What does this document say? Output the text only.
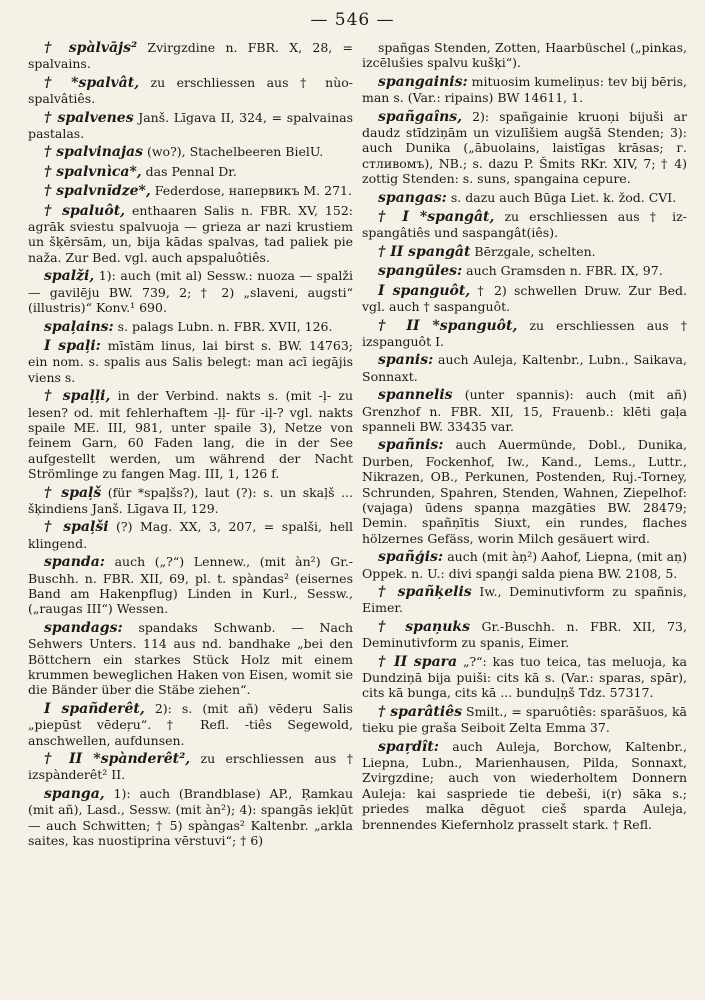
— 546 —

† spàlvājs² Zvirgzdine n. FBR. X, 28, = spalvains.

† *spalvât, zu erschliessen aus † nùo-spalvâtiês.

† spalvenes Janš. Līgava II, 324, = spalvainas pastalas.

† spalvinajas (wo?), Stachelbeeren BielU.

† spalvnìca*, das Pennal Dr.

† spalvnīdze*, Federdose, напервикъ M. 271.

† spaluôt, enthaaren Salis n. FBR. XV, 152: agrāk sviestu spalvuoja — grieza ar nazi krustiem un šķērsām, un, bija kādas spalvas, tad paliek pie naža. Zur Bed. vgl. auch apspaluôtiês.

spalži, 1): auch (mit al) Sessw.: nuoza — spalži — gavilēju BW. 739, 2; † 2) „slaveni, augsti“ (illustris)“ Konv.¹ 690.

spaļains: s. palags Lubn. n. FBR. XVII, 126.

I spaļi: mīstām linus, lai birst s. BW. 14763; ein nom. s. spalis aus Salis belegt: man acī iegājis viens s.

† spaļļi, in der Verbind. nakts s. (mit -ļ- zu lesen? od. mit fehlerhaftem -ļļ- für -iļ-? vgl. nakts spaile ME. III, 981, unter spaile 3), Netze von feinem Garn, 60 Faden lang, die in der See aufgestellt werden, um während der Nacht Strömlinge zu fangen Mag. III, 1, 126 f.

† spaļš (für *spaļšs?), laut (?): s. un skaļš ... šķindiens Janš. Līgava II, 129.

† spaļši (?) Mag. XX, 3, 207, = spalši, hell klingend.

spanda: auch („?“) Lennew., (mit àn²) Gr.-Buschh. n. FBR. XII, 69, pl. t. spàndas² (eisernes Band am Hakenpflug) Linden in Kurl., Sessw., („raugas III“) Wessen.

spandags: spandaks Schwanb. — Nach Sehwers Unters. 114 aus nd. bandhake „bei den Böttchern ein starkes Stück Holz mit einem krummen beweglichen Haken von Eisen, womit sie die Bänder über die Stäbe ziehen“.

I spañderêt, 2): s. (mit añ) vēdeŗu Salis „piepūst vēdeŗu“. † Refl. -tiês Segewold, anschwellen, aufdunsen.

† II *spànderêt², zu erschliessen aus † izspànderêt² II.

spanga, 1): auch (Brandblase) AP., Ŗamkau (mit añ), Lasd., Sessw. (mit àn²); 4): spangās iekļūt — auch Schwitten; † 5) spàngas² Kaltenbr. „arkla saites, kas nuostiprina vērstuvi“; † 6)

spañgas Stenden, Zotten, Haarbüschel („pinkas, izcēlušies spalvu kušķi“).

spangainis: mituosim kumeliņus: tev bij bēris, man s. (Var.: ripains) BW 14611, 1.

spañgaîns, 2): spañgainie kruoņi bijuši ar daudz stīdziņām un vizulīšiem augšā Stenden; 3): auch Dunika („ābuolains, laistīgas krāsas; г. стливомъ), NB.; s. dazu P. Šmits RKr. XIV, 7; † 4) zottig Stenden: s. suns, spangaina cepure.

spangas: s. dazu auch Būga Liet. k. žod. CVI.

† I *spangât, zu erschliessen aus † iz-spangâtiês und saspangât(iês).

† II spangât Bērzgale, schelten.

spangūles: auch Gramsden n. FBR. IX, 97.

I spanguôt, † 2) schwellen Druw. Zur Bed. vgl. auch † saspanguôt.

† II *spanguôt, zu erschliessen aus † izspanguôt I.

spanis: auch Auleja, Kaltenbr., Lubn., Saikava, Sonnaxt.

spannelis (unter spannis): auch (mit añ) Grenzhof n. FBR. XII, 15, Frauenb.: klēti gaļa spanneli BW. 33435 var.

spañnis: auch Auermünde, Dobl., Dunika, Durben, Fockenhof, Iw., Kand., Lems., Luttr., Nikrazen, OB., Perkunen, Postenden, Ruj.-Torney, Schrunden, Spahren, Stenden, Wahnen, Ziepelhof: (vajaga) ūdens spaņņa mazgāties BW. 28479; Demin. spañņītis Siuxt, ein rundes, flaches hölzernes Gefäss, worin Milch gesäuert wird.

spañģis: auch (mit àņ²) Aahof, Liepna, (mit aņ) Oppek. n. U.: divi spaņģi salda piena BW. 2108, 5.

† spañķelis Iw., Deminutivform zu spañnis, Eimer.

† spaņuks Gr.-Buschh. n. FBR. XII, 73, Deminutivform zu spanis, Eimer.

† II spara „?“: kas tuo teica, tas meluoja, ka Dundziņā bija puiši: cits kā s. (Var.: sparas, spār), cits kā bunga, cits kā ... bunduļņš Tdz. 57317.

† sparâtiês Smilt., = sparuôtiês: sparāšuos, kā tieku pie graša Seiboit Zelta Emma 37.

spaŗdît: auch Auleja, Borchow, Kaltenbr., Liepna, Lubn., Marienhausen, Pilda, Sonnaxt, Zvirgzdine; auch von wiederholtem Donnern Auleja: kai saspriede tie debeši, i(r) sāka s.; priedes malka dēguot cieš sparda Auleja, brennendes Kiefernholz prasselt stark. † Refl.
